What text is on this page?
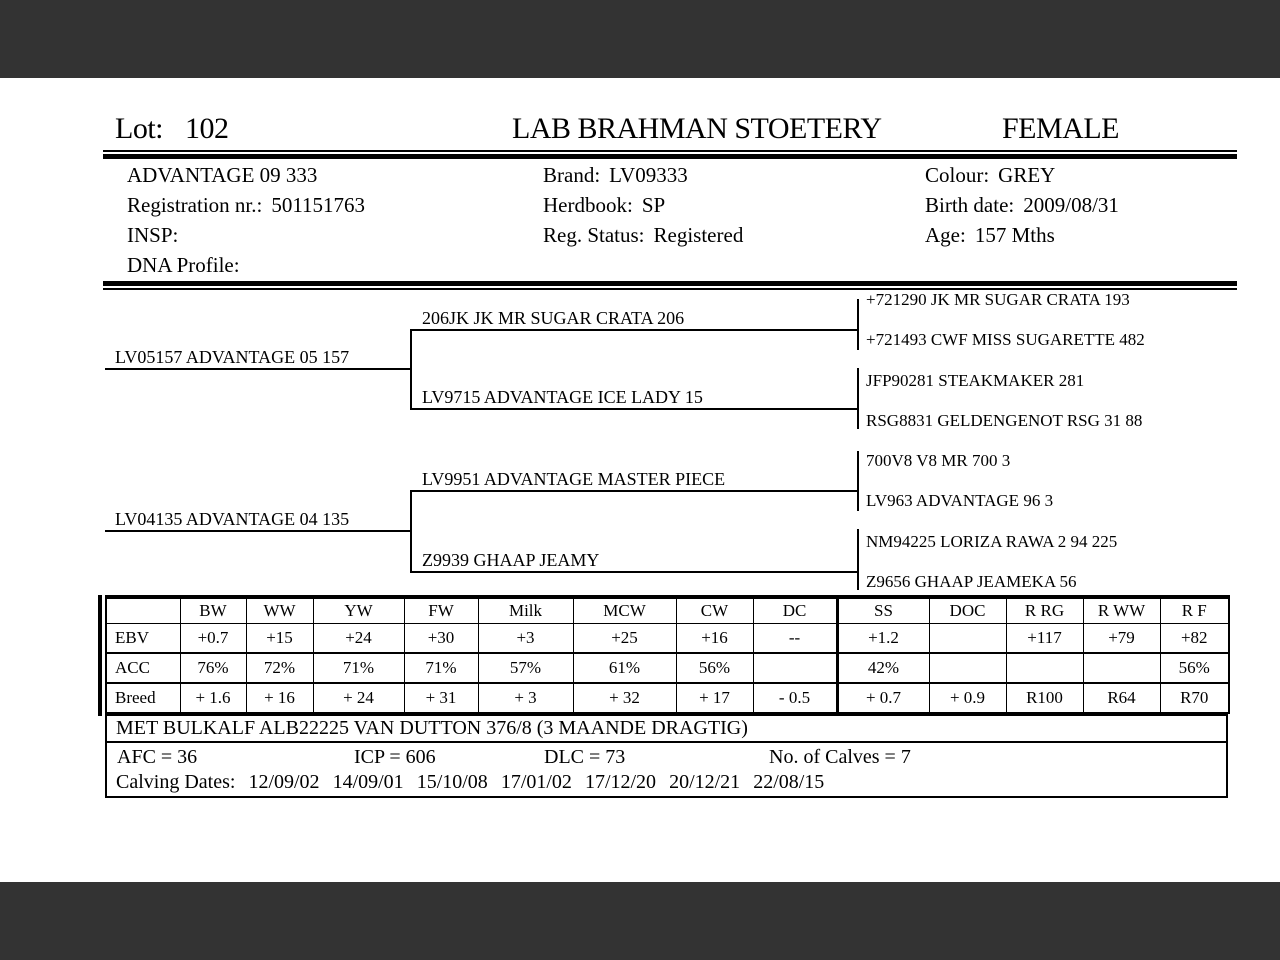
Lot: 102	LAB BRAHMAN STOETERY	FEMALE
ADVANTAGE 09 333
Registration nr.: 501151763
INSP:
DNA Profile:
Brand: LV09333
Herdbook: SP
Reg. Status: Registered
Colour: GREY
Birth date: 2009/08/31
Age: 157 Mths
LV05157 ADVANTAGE 05 157
LV04135 ADVANTAGE 04 135
206JK JK MR SUGAR CRATA 206
LV9715 ADVANTAGE ICE LADY 15
LV9951 ADVANTAGE MASTER PIECE
Z9939 GHAAP JEAMY
+721290 JK MR SUGAR CRATA 193
+721493 CWF MISS SUGARETTE 482
JFP90281 STEAKMAKER 281
RSG8831 GELDENGENOT RSG 31 88
700V8 V8 MR 700 3
LV963 ADVANTAGE 96 3
NM94225 LORIZA RAWA 2 94 225
Z9656 GHAAP JEAMEKA 56
	BW	WW	YW	FW	Milk	MCW	CW	DC	SS	DOC	R RG	R WW	R F
EBV	+0.7	+15	+24	+30	+3	+25	+16	--	+1.2		+117	+79	+82
ACC	76%	72%	71%	71%	57%	61%	56%		42%				56%
Breed	+ 1.6	+ 16	+ 24	+ 31	+ 3	+ 32	+ 17	- 0.5	+ 0.7	+ 0.9	R100	R64	R70
MET BULKALF ALB22225 VAN DUTTON 376/8 (3 MAANDE DRAGTIG)
AFC = 36	ICP = 606	DLC = 73	No. of Calves = 7
Calving Dates: 12/09/02 14/09/01 15/10/08 17/01/02 17/12/20 20/12/21 22/08/15
